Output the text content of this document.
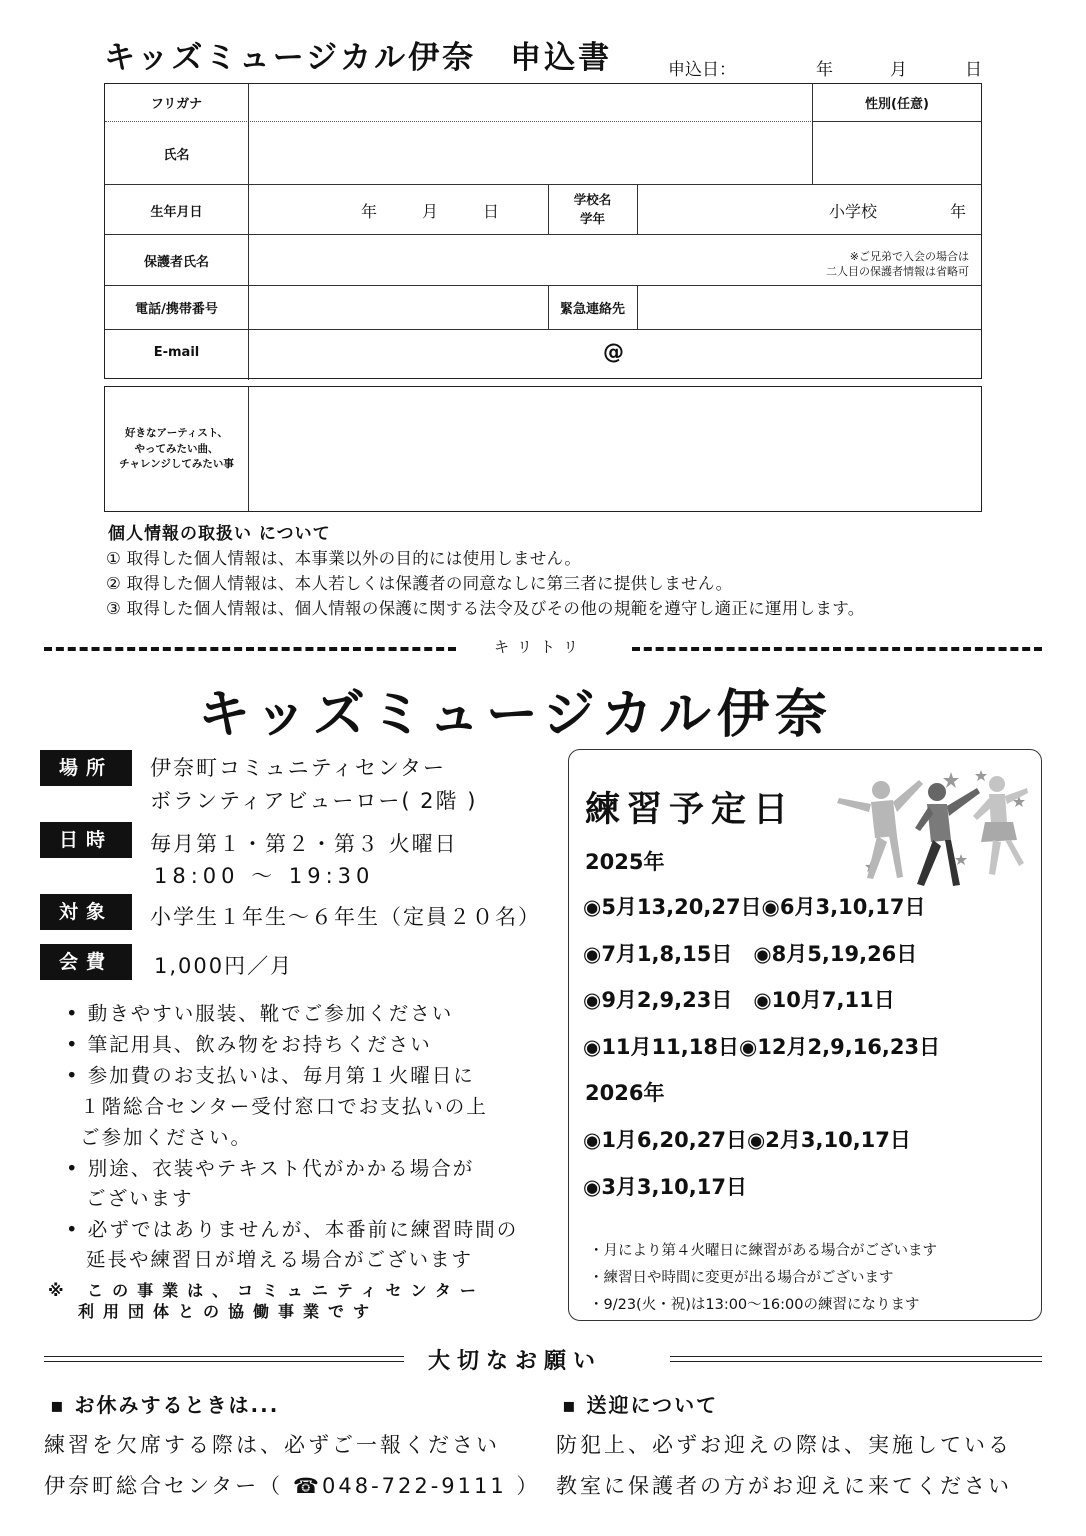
キッズミュージカル伊奈　申込書	申込日：	年	月	日
フリガナ	性別(任意)
氏名
生年月日	年	月	日
学校名
学年	小学校	年
保護者氏名	※ご兄弟で入会の場合は
二人目の保護者情報は省略可
電話/携帯番号	緊急連絡先
E-mail	@
好きなアーティスト、
やってみたい曲、
チャレンジしてみたい事
個人情報の取扱い について
① 取得した個人情報は、本事業以外の目的には使用しません。
② 取得した個人情報は、本人若しくは保護者の同意なしに第三者に提供しません。
③ 取得した個人情報は、個人情報の保護に関する法令及びその他の規範を遵守し適正に運用します。
キリトリ
キッズミュージカル伊奈
場所	伊奈町コミュニティセンター
ボランティアビューロー( 2階 )
日時	毎月第１・第２・第３ 火曜日
18:00 ～ 19:30
対象	小学生１年生～６年生（定員２０名）
会費	1,000円／月
• 動きやすい服装、靴でご参加ください
• 筆記用具、飲み物をお持ちください
• 参加費のお支払いは、毎月第１火曜日に
１階総合センター受付窓口でお支払いの上
ご参加ください。
• 別途、衣装やテキスト代がかかる場合が
ございます
• 必ずではありませんが、本番前に練習時間の
延長や練習日が増える場合がございます
※ この事業は、コミュニティセンター
利用団体との協働事業です
練習予定日
2025年
◉5月13,20,27日◉6月3,10,17日
◉7月1,8,15日　◉8月5,19,26日
◉9月2,9,23日　◉10月7,11日
◉11月11,18日◉12月2,9,16,23日
2026年
◉1月6,20,27日◉2月3,10,17日
◉3月3,10,17日
・月により第４火曜日に練習がある場合がございます
・練習日や時間に変更が出る場合がございます
・9/23(火・祝)は13:00〜16:00の練習になります
大切なお願い
▪ お休みするときは...
練習を欠席する際は、必ずご一報ください
伊奈町総合センター（ ☎048-722-9111 ）
▪ 送迎について
防犯上、必ずお迎えの際は、実施している
教室に保護者の方がお迎えに来てください
